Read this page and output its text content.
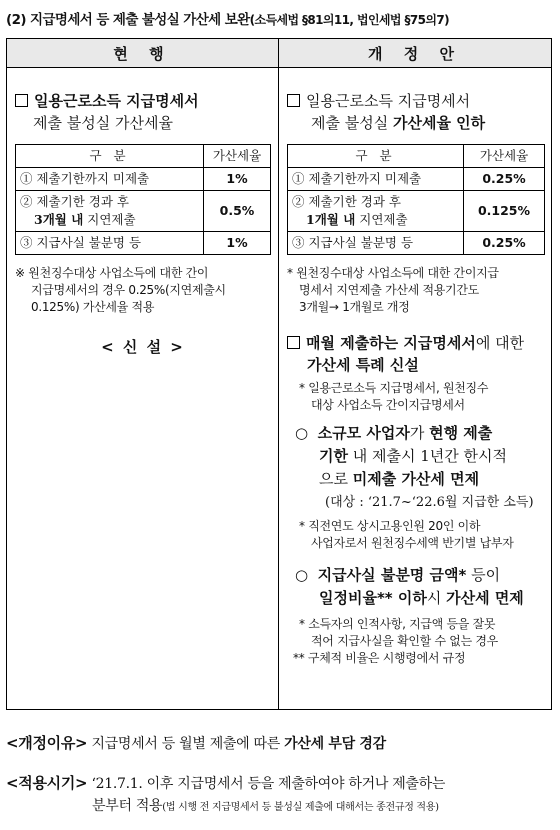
(2) 지급명세서 등 제출 불성실 가산세 보완(소득세법 §81의11, 법인세법 §75의7)
현 행	개 정 안
일용근로소득 지급명세서
제출 불성실 가산세율
구 분	가산세율
① 제출기한까지 미제출	1%

② 제출기한 경과 후
3개월 내 지연제출	0.5%
③ 지급사실 불분명 등	1%
※ 원천징수대상 사업소득에 대한 간이
지급명세서의 경우 0.25%(지연제출시
0.125%) 가산세율 적용
< 신 설 >
일용근로소득 지급명세서
제출 불성실 가산세율 인하
구 분	가산세율
① 제출기한까지 미제출	0.25%

② 제출기한 경과 후
1개월 내 지연제출	0.125%
③ 지급사실 불분명 등	0.25%
* 원천징수대상 사업소득에 대한 간이지급
명세서 지연제출 가산세 적용기간도
3개월→ 1개월로 개정
매월 제출하는 지급명세서에 대한
가산세 특례 신설
* 일용근로소득 지급명세서, 원천징수
대상 사업소득 간이지급명세서
○ 소규모 사업자가 현행 제출
기한 내 제출시 1년간 한시적
으로 미제출 가산세 면제
(대상 : ‘21.7~‘22.6월 지급한 소득)
* 직전연도 상시고용인원 20인 이하
사업자로서 원천징수세액 반기별 납부자
○ 지급사실 불분명 금액* 등이
일정비율** 이하시 가산세 면제
* 소득자의 인적사항, 지급액 등을 잘못
적어 지급사실을 확인할 수 없는 경우
** 구체적 비율은 시행령에서 규정
<개정이유> 지급명세서 등 월별 제출에 따른 가산세 부담 경감
<적용시기> ‘21.7.1. 이후 지급명세서 등을 제출하여야 하거나 제출하는
분부터 적용(법 시행 전 지급명세서 등 불성실 제출에 대해서는 종전규정 적용)
